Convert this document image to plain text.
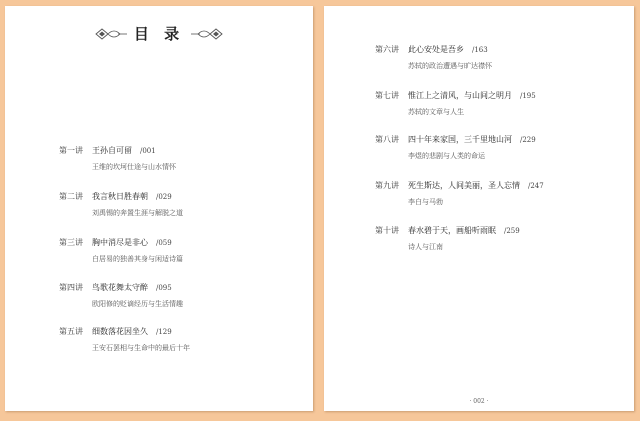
目 录
第一讲	王孙自可留 /001
王维的坎坷仕途与山水情怀
第二讲	我言秋日胜春朝 /029
刘禹锡的奔置生涯与解脱之道
第三讲	胸中消尽是非心 /059
白居易的独善其身与闲适诗篇
第四讲	鸟歌花舞太守醉 /095
欧阳修的贬谪经历与生活情趣
第五讲	细数落花因坐久 /129
王安石罢相与生命中的最后十年
第六讲	此心安处是吾乡 /163
苏轼的政治遭遇与旷达襟怀
第七讲	惟江上之清风，与山间之明月 /195
苏轼的文章与人生
第八讲	四十年来家国，三千里地山河 /229
李煜的悲剧与人类的命运
第九讲	死生斯达，人间美丽，圣人忘情 /247
李白与马勃
第十讲	春水碧于天，画船听雨眠 /259
诗人与江南
· 002 ·
